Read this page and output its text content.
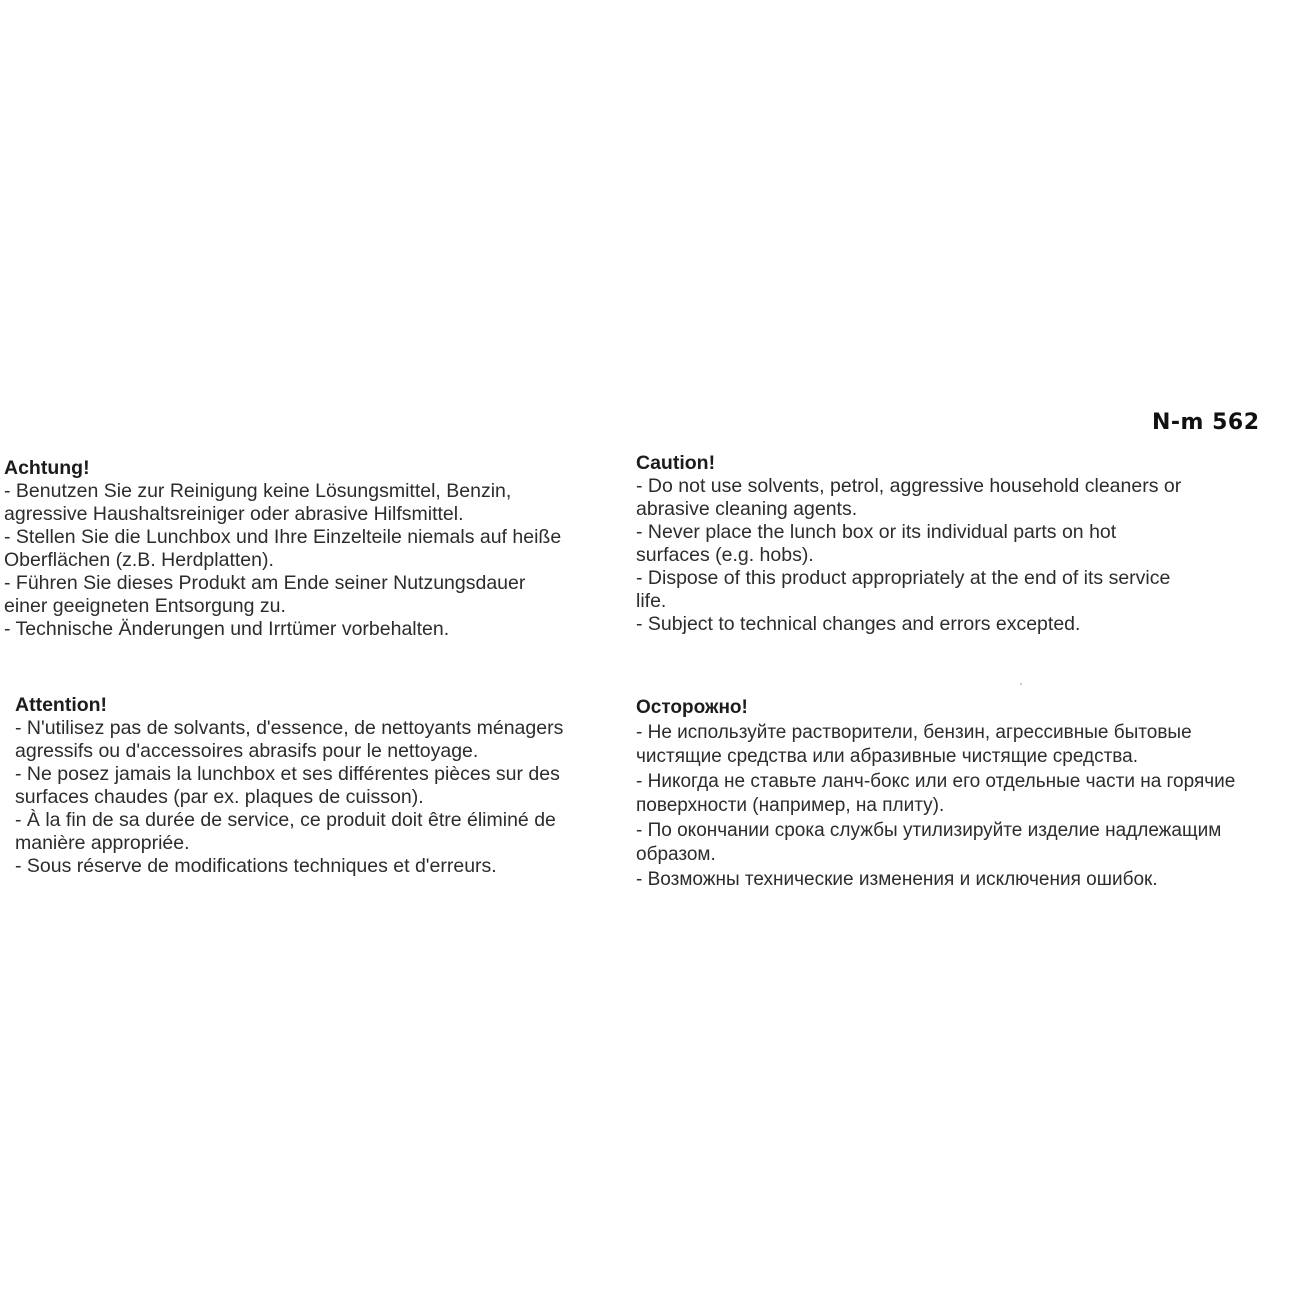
N-m 562

Achtung!

- Benutzen Sie zur Reinigung keine Lösungsmittel, Benzin,

agressive Haushaltsreiniger oder abrasive Hilfsmittel.

- Stellen Sie die Lunchbox und Ihre Einzelteile niemals auf heiße

Oberflächen (z.B. Herdplatten).

- Führen Sie dieses Produkt am Ende seiner Nutzungsdauer

einer geeigneten Entsorgung zu.

- Technische Änderungen und Irrtümer vorbehalten.

Caution!

- Do not use solvents, petrol, aggressive household cleaners or

abrasive cleaning agents.

- Never place the lunch box or its individual parts on hot

surfaces (e.g. hobs).

- Dispose of this product appropriately at the end of its service

life.

- Subject to technical changes and errors excepted.

Attention!

- N'utilisez pas de solvants, d'essence, de nettoyants ménagers

agressifs ou d'accessoires abrasifs pour le nettoyage.

- Ne posez jamais la lunchbox et ses différentes pièces sur des

surfaces chaudes (par ex. plaques de cuisson).

- À la fin de sa durée de service, ce produit doit être éliminé de

manière appropriée.

- Sous réserve de modifications techniques et d'erreurs.

Осторожно!

- Не используйте растворители, бензин, агрессивные бытовые

чистящие средства или абразивные чистящие средства.

- Никогда не ставьте ланч-бокс или его отдельные части на горячие

поверхности (например, на плиту).

- По окончании срока службы утилизируйте изделие надлежащим

образом.

- Возможны технические изменения и исключения ошибок.
